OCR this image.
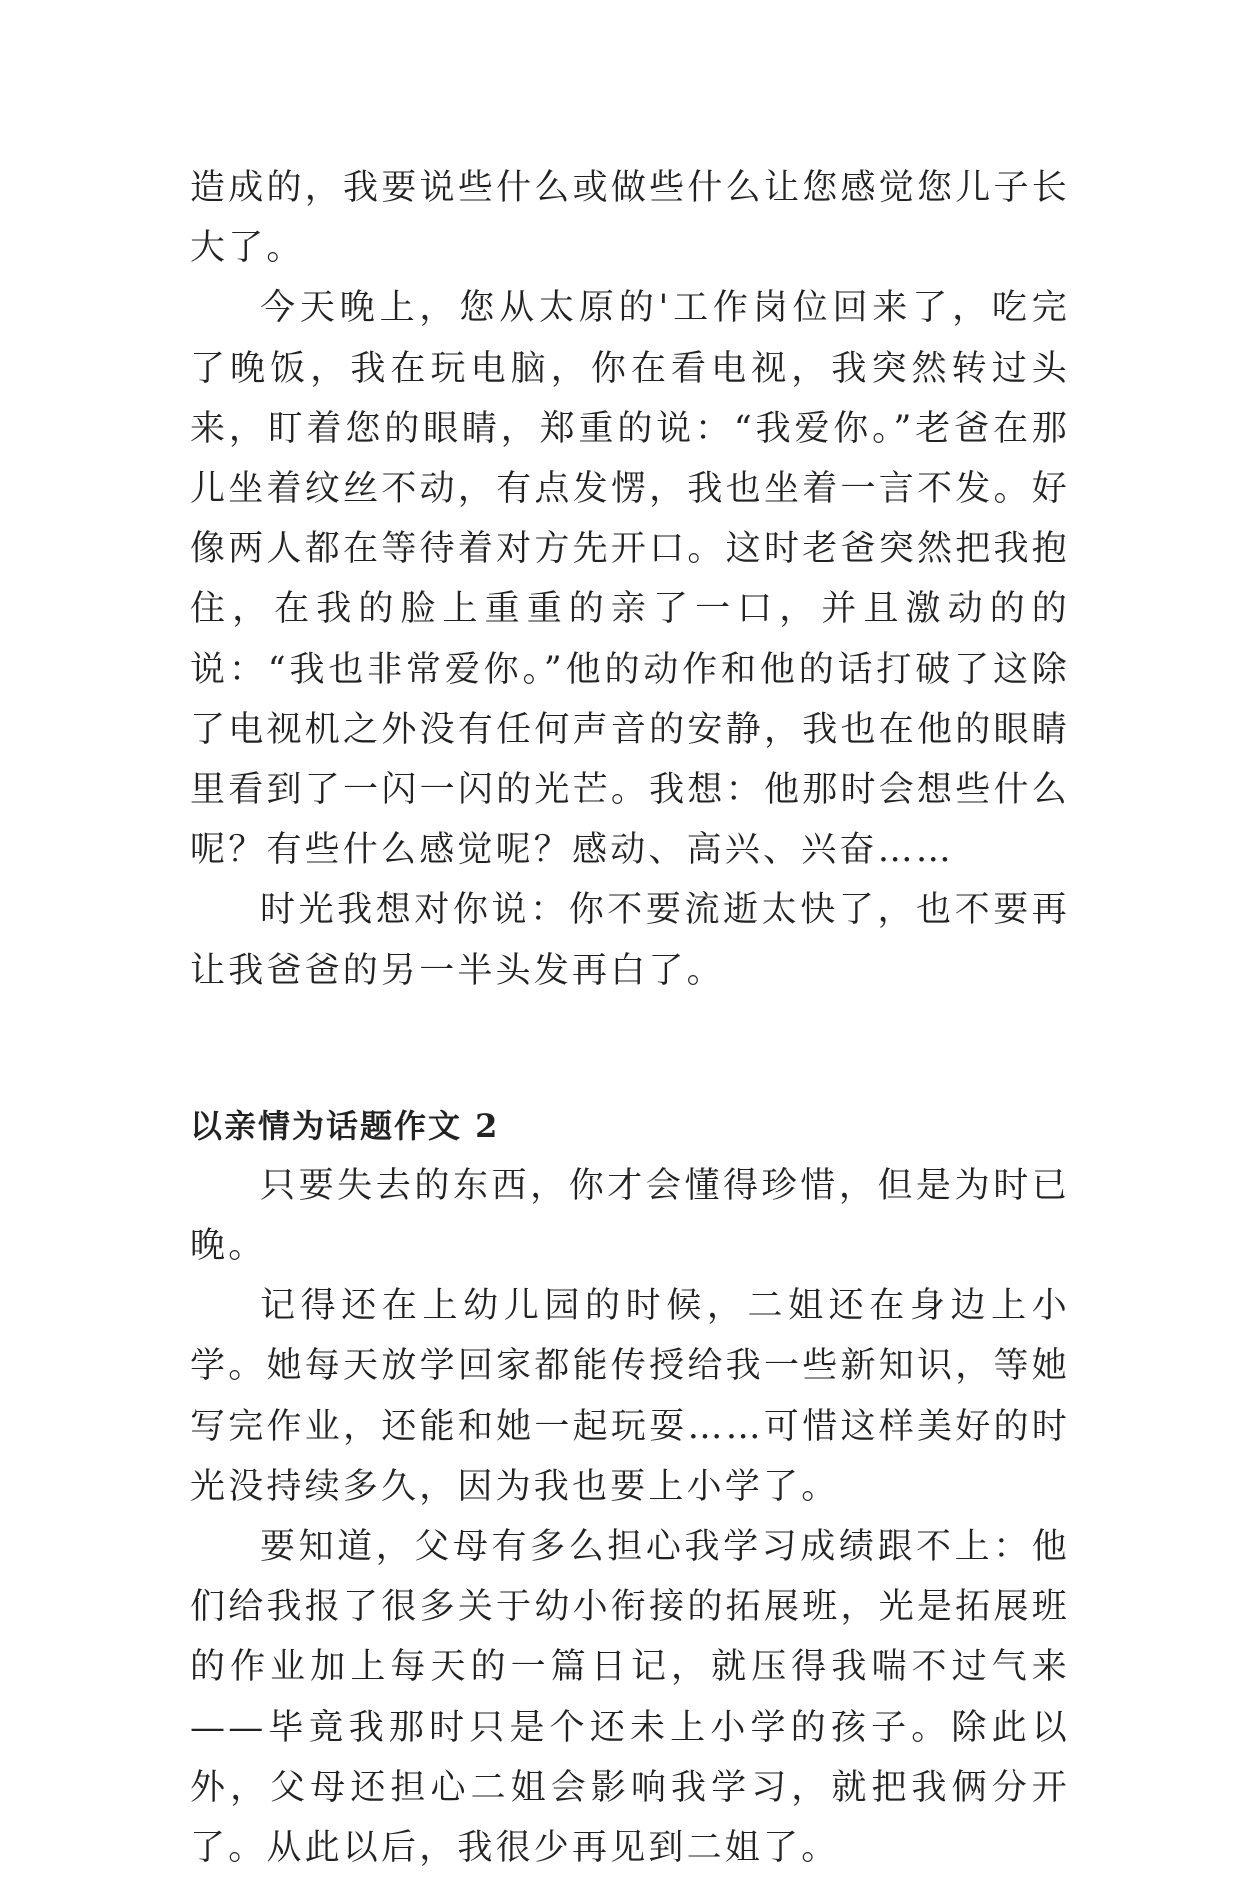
造成的，我要说些什么或做些什么让您感觉您儿子长大了。

今天晚上，您从太原的'工作岗位回来了，吃完了晚饭，我在玩电脑，你在看电视，我突然转过头来，盯着您的眼睛，郑重的说：“我爱你。”老爸在那儿坐着纹丝不动，有点发愣，我也坐着一言不发。好像两人都在等待着对方先开口。这时老爸突然把我抱住，在我的脸上重重的亲了一口，并且激动的的说：“我也非常爱你。”他的动作和他的话打破了这除了电视机之外没有任何声音的安静，我也在他的眼睛里看到了一闪一闪的光芒。我想：他那时会想些什么呢？有些什么感觉呢？感动、高兴、兴奋……

时光我想对你说：你不要流逝太快了，也不要再让我爸爸的另一半头发再白了。

以亲情为话题作文 2

只要失去的东西，你才会懂得珍惜，但是为时已晚。

记得还在上幼儿园的时候，二姐还在身边上小学。她每天放学回家都能传授给我一些新知识，等她写完作业，还能和她一起玩耍……可惜这样美好的时光没持续多久，因为我也要上小学了。

要知道，父母有多么担心我学习成绩跟不上：他们给我报了很多关于幼小衔接的拓展班，光是拓展班的作业加上每天的一篇日记，就压得我喘不过气来——毕竟我那时只是个还未上小学的孩子。除此以外，父母还担心二姐会影响我学习，就把我俩分开了。从此以后，我很少再见到二姐了。
